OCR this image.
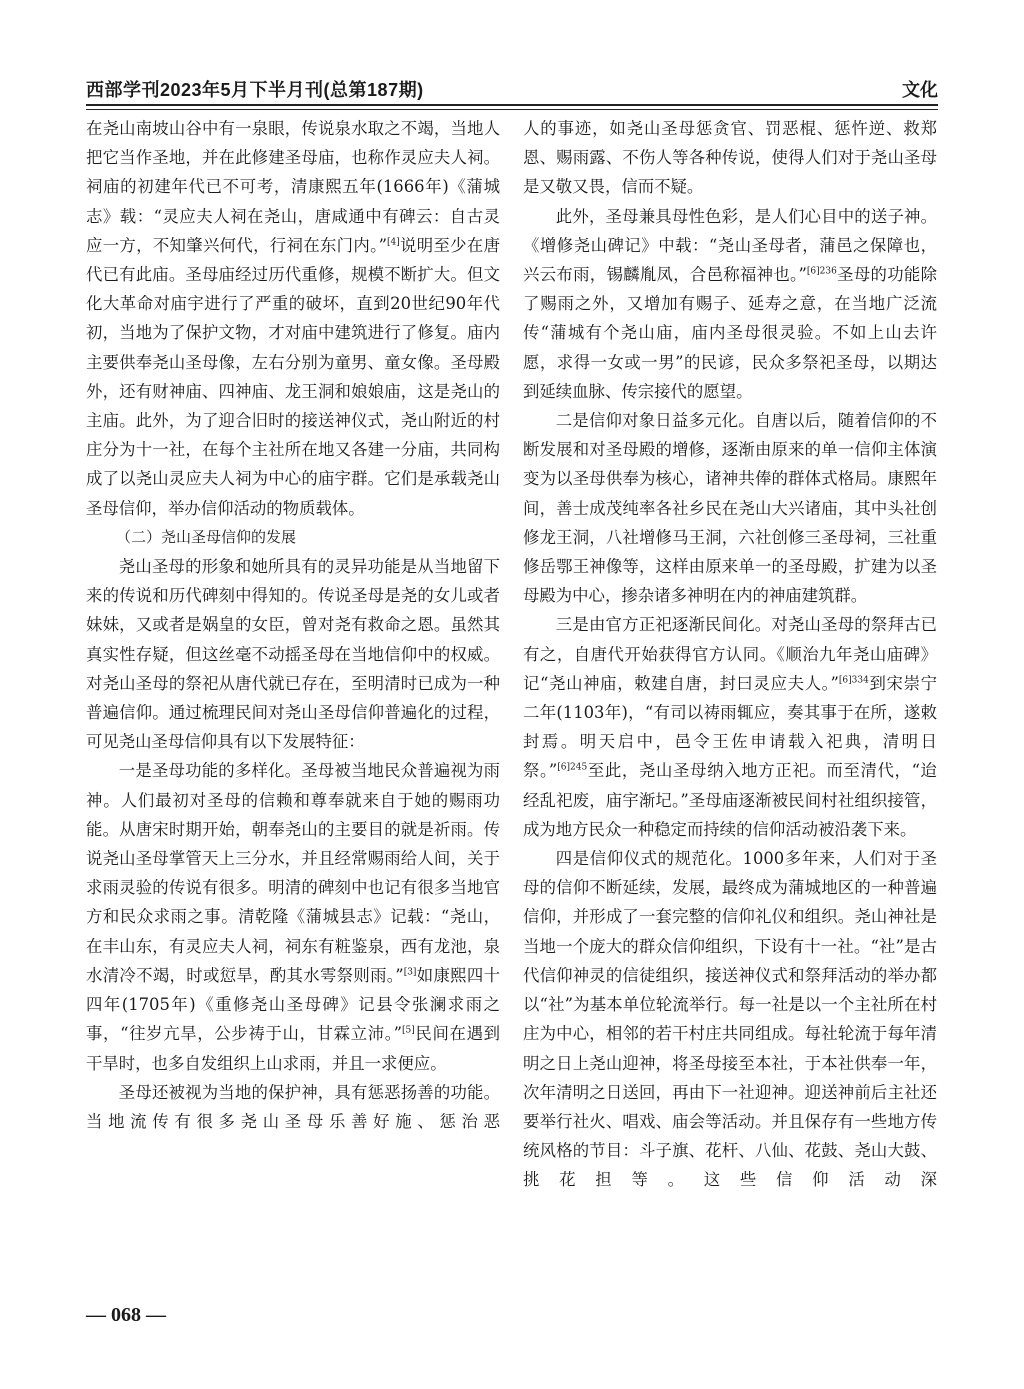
西部学刊2023年5月下半月刊(总第187期)	文化

在尧山南坡山谷中有一泉眼，传说泉水取之不竭，当地人把它当作圣地，并在此修建圣母庙，也称作灵应夫人祠。祠庙的初建年代已不可考，清康熙五年(1666年)《蒲城志》载：“灵应夫人祠在尧山，唐咸通中有碑云：自古灵应一方，不知肇兴何代，行祠在东门内。”[4]说明至少在唐代已有此庙。圣母庙经过历代重修，规模不断扩大。但文化大革命对庙宇进行了严重的破坏，直到20世纪90年代初，当地为了保护文物，才对庙中建筑进行了修复。庙内主要供奉尧山圣母像，左右分别为童男、童女像。圣母殿外，还有财神庙、四神庙、龙王洞和娘娘庙，这是尧山的主庙。此外，为了迎合旧时的接送神仪式，尧山附近的村庄分为十一社，在每个主社所在地又各建一分庙，共同构成了以尧山灵应夫人祠为中心的庙宇群。它们是承载尧山圣母信仰，举办信仰活动的物质载体。

（二）尧山圣母信仰的发展

尧山圣母的形象和她所具有的灵异功能是从当地留下来的传说和历代碑刻中得知的。传说圣母是尧的女儿或者妹妹，又或者是娲皇的女臣，曾对尧有救命之恩。虽然其真实性存疑，但这丝毫不动摇圣母在当地信仰中的权威。对尧山圣母的祭祀从唐代就已存在，至明清时已成为一种普遍信仰。通过梳理民间对尧山圣母信仰普遍化的过程，可见尧山圣母信仰具有以下发展特征：

一是圣母功能的多样化。圣母被当地民众普遍视为雨神。人们最初对圣母的信赖和尊奉就来自于她的赐雨功能。从唐宋时期开始，朝奉尧山的主要目的就是祈雨。传说尧山圣母掌管天上三分水，并且经常赐雨给人间，关于求雨灵验的传说有很多。明清的碑刻中也记有很多当地官方和民众求雨之事。清乾隆《蒲城县志》记载：“尧山，在丰山东，有灵应夫人祠，祠东有粧鉴泉，西有龙池，泉水清冷不竭，时或愆旱，酌其水雩祭则雨。”[3]如康熙四十四年(1705年)《重修尧山圣母碑》记县令张澜求雨之事，“往岁亢旱，公步祷于山，甘霖立沛。”[5]民间在遇到干旱时，也多自发组织上山求雨，并且一求便应。

圣母还被视为当地的保护神，具有惩恶扬善的功能。当地流传有很多尧山圣母乐善好施、惩治恶

人的事迹，如尧山圣母惩贪官、罚恶棍、惩忤逆、救郑恩、赐雨露、不伤人等各种传说，使得人们对于尧山圣母是又敬又畏，信而不疑。

此外，圣母兼具母性色彩，是人们心目中的送子神。《增修尧山碑记》中载：“尧山圣母者，蒲邑之保障也，兴云布雨，锡麟胤凤，合邑称福神也。”$^{[6]236}$圣母的功能除了赐雨之外，又增加有赐子、延寿之意，在当地广泛流传“蒲城有个尧山庙，庙内圣母很灵验。不如上山去许愿，求得一女或一男”的民谚，民众多祭祀圣母，以期达到延续血脉、传宗接代的愿望。

二是信仰对象日益多元化。自唐以后，随着信仰的不断发展和对圣母殿的增修，逐渐由原来的单一信仰主体演变为以圣母供奉为核心，诸神共俸的群体式格局。康熙年间，善士成茂纯率各社乡民在尧山大兴诸庙，其中头社创修龙王洞，八社增修马王洞，六社创修三圣母祠，三社重修岳鄂王神像等，这样由原来单一的圣母殿，扩建为以圣母殿为中心，掺杂诸多神明在内的神庙建筑群。

三是由官方正祀逐渐民间化。对尧山圣母的祭拜古已有之，自唐代开始获得官方认同。《顺治九年尧山庙碑》记“尧山神庙，敕建自唐，封曰灵应夫人。”$^{[6]334}$到宋崇宁二年(1103年)，“有司以祷雨辄应，奏其事于在所，遂敕封焉。明天启中，邑令王佐申请载入祀典，清明日祭。”$^{[6]245}$至此，尧山圣母纳入地方正祀。而至清代，“迨经乱祀废，庙宇渐圮。”圣母庙逐渐被民间村社组织接管，成为地方民众一种稳定而持续的信仰活动被沿袭下来。

四是信仰仪式的规范化。1000多年来，人们对于圣母的信仰不断延续，发展，最终成为蒲城地区的一种普遍信仰，并形成了一套完整的信仰礼仪和组织。尧山神社是当地一个庞大的群众信仰组织，下设有十一社。“社”是古代信仰神灵的信徒组织，接送神仪式和祭拜活动的举办都以“社”为基本单位轮流举行。每一社是以一个主社所在村庄为中心，相邻的若干村庄共同组成。每社轮流于每年清明之日上尧山迎神，将圣母接至本社，于本社供奉一年，次年清明之日送回，再由下一社迎神。迎送神前后主社还要举行社火、唱戏、庙会等活动。并且保存有一些地方传统风格的节目：斗子旗、花杆、八仙、花鼓、尧山大鼓、挑花担等。这些信仰活动深

— 068 —
